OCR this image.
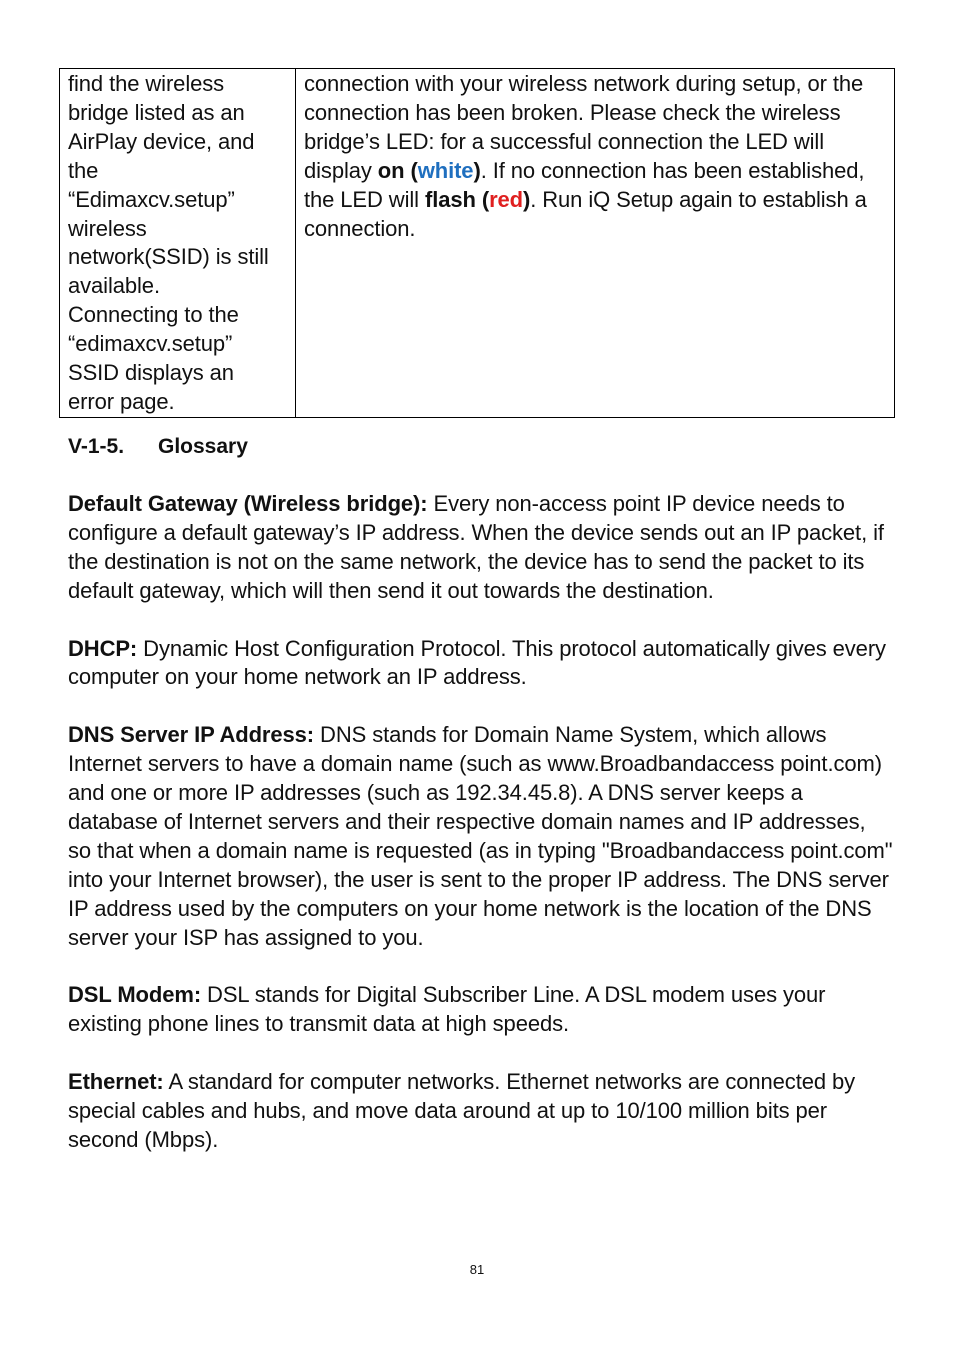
find the wireless
bridge listed as an
AirPlay device, and
the
“Edimaxcv.setup”
wireless
network(SSID) is still
available.
Connecting to the
“edimaxcv.setup”
SSID displays an
error page.
	connection with your wireless network during setup, or the connection has been broken. Please check the wireless bridge’s LED: for a successful connection the LED will display on (white). If no connection has been established, the LED will flash (red). Run iQ Setup again to establish a connection.
V-1-5. Glossary

Default Gateway (Wireless bridge): Every non-access point IP device needs to configure a default gateway’s IP address. When the device sends out an IP packet, if the destination is not on the same network, the device has to send the packet to its default gateway, which will then send it out towards the destination.

DHCP: Dynamic Host Configuration Protocol. This protocol automatically gives every computer on your home network an IP address.

DNS Server IP Address: DNS stands for Domain Name System, which allows Internet servers to have a domain name (such as www.Broadbandaccess point.com) and one or more IP addresses (such as 192.34.45.8). A DNS server keeps a database of Internet servers and their respective domain names and IP addresses, so that when a domain name is requested (as in typing "Broadbandaccess point.com" into your Internet browser), the user is sent to the proper IP address. The DNS server IP address used by the computers on your home network is the location of the DNS server your ISP has assigned to you.

DSL Modem: DSL stands for Digital Subscriber Line. A DSL modem uses your existing phone lines to transmit data at high speeds.

Ethernet: A standard for computer networks. Ethernet networks are connected by special cables and hubs, and move data around at up to 10/100 million bits per second (Mbps).

81
